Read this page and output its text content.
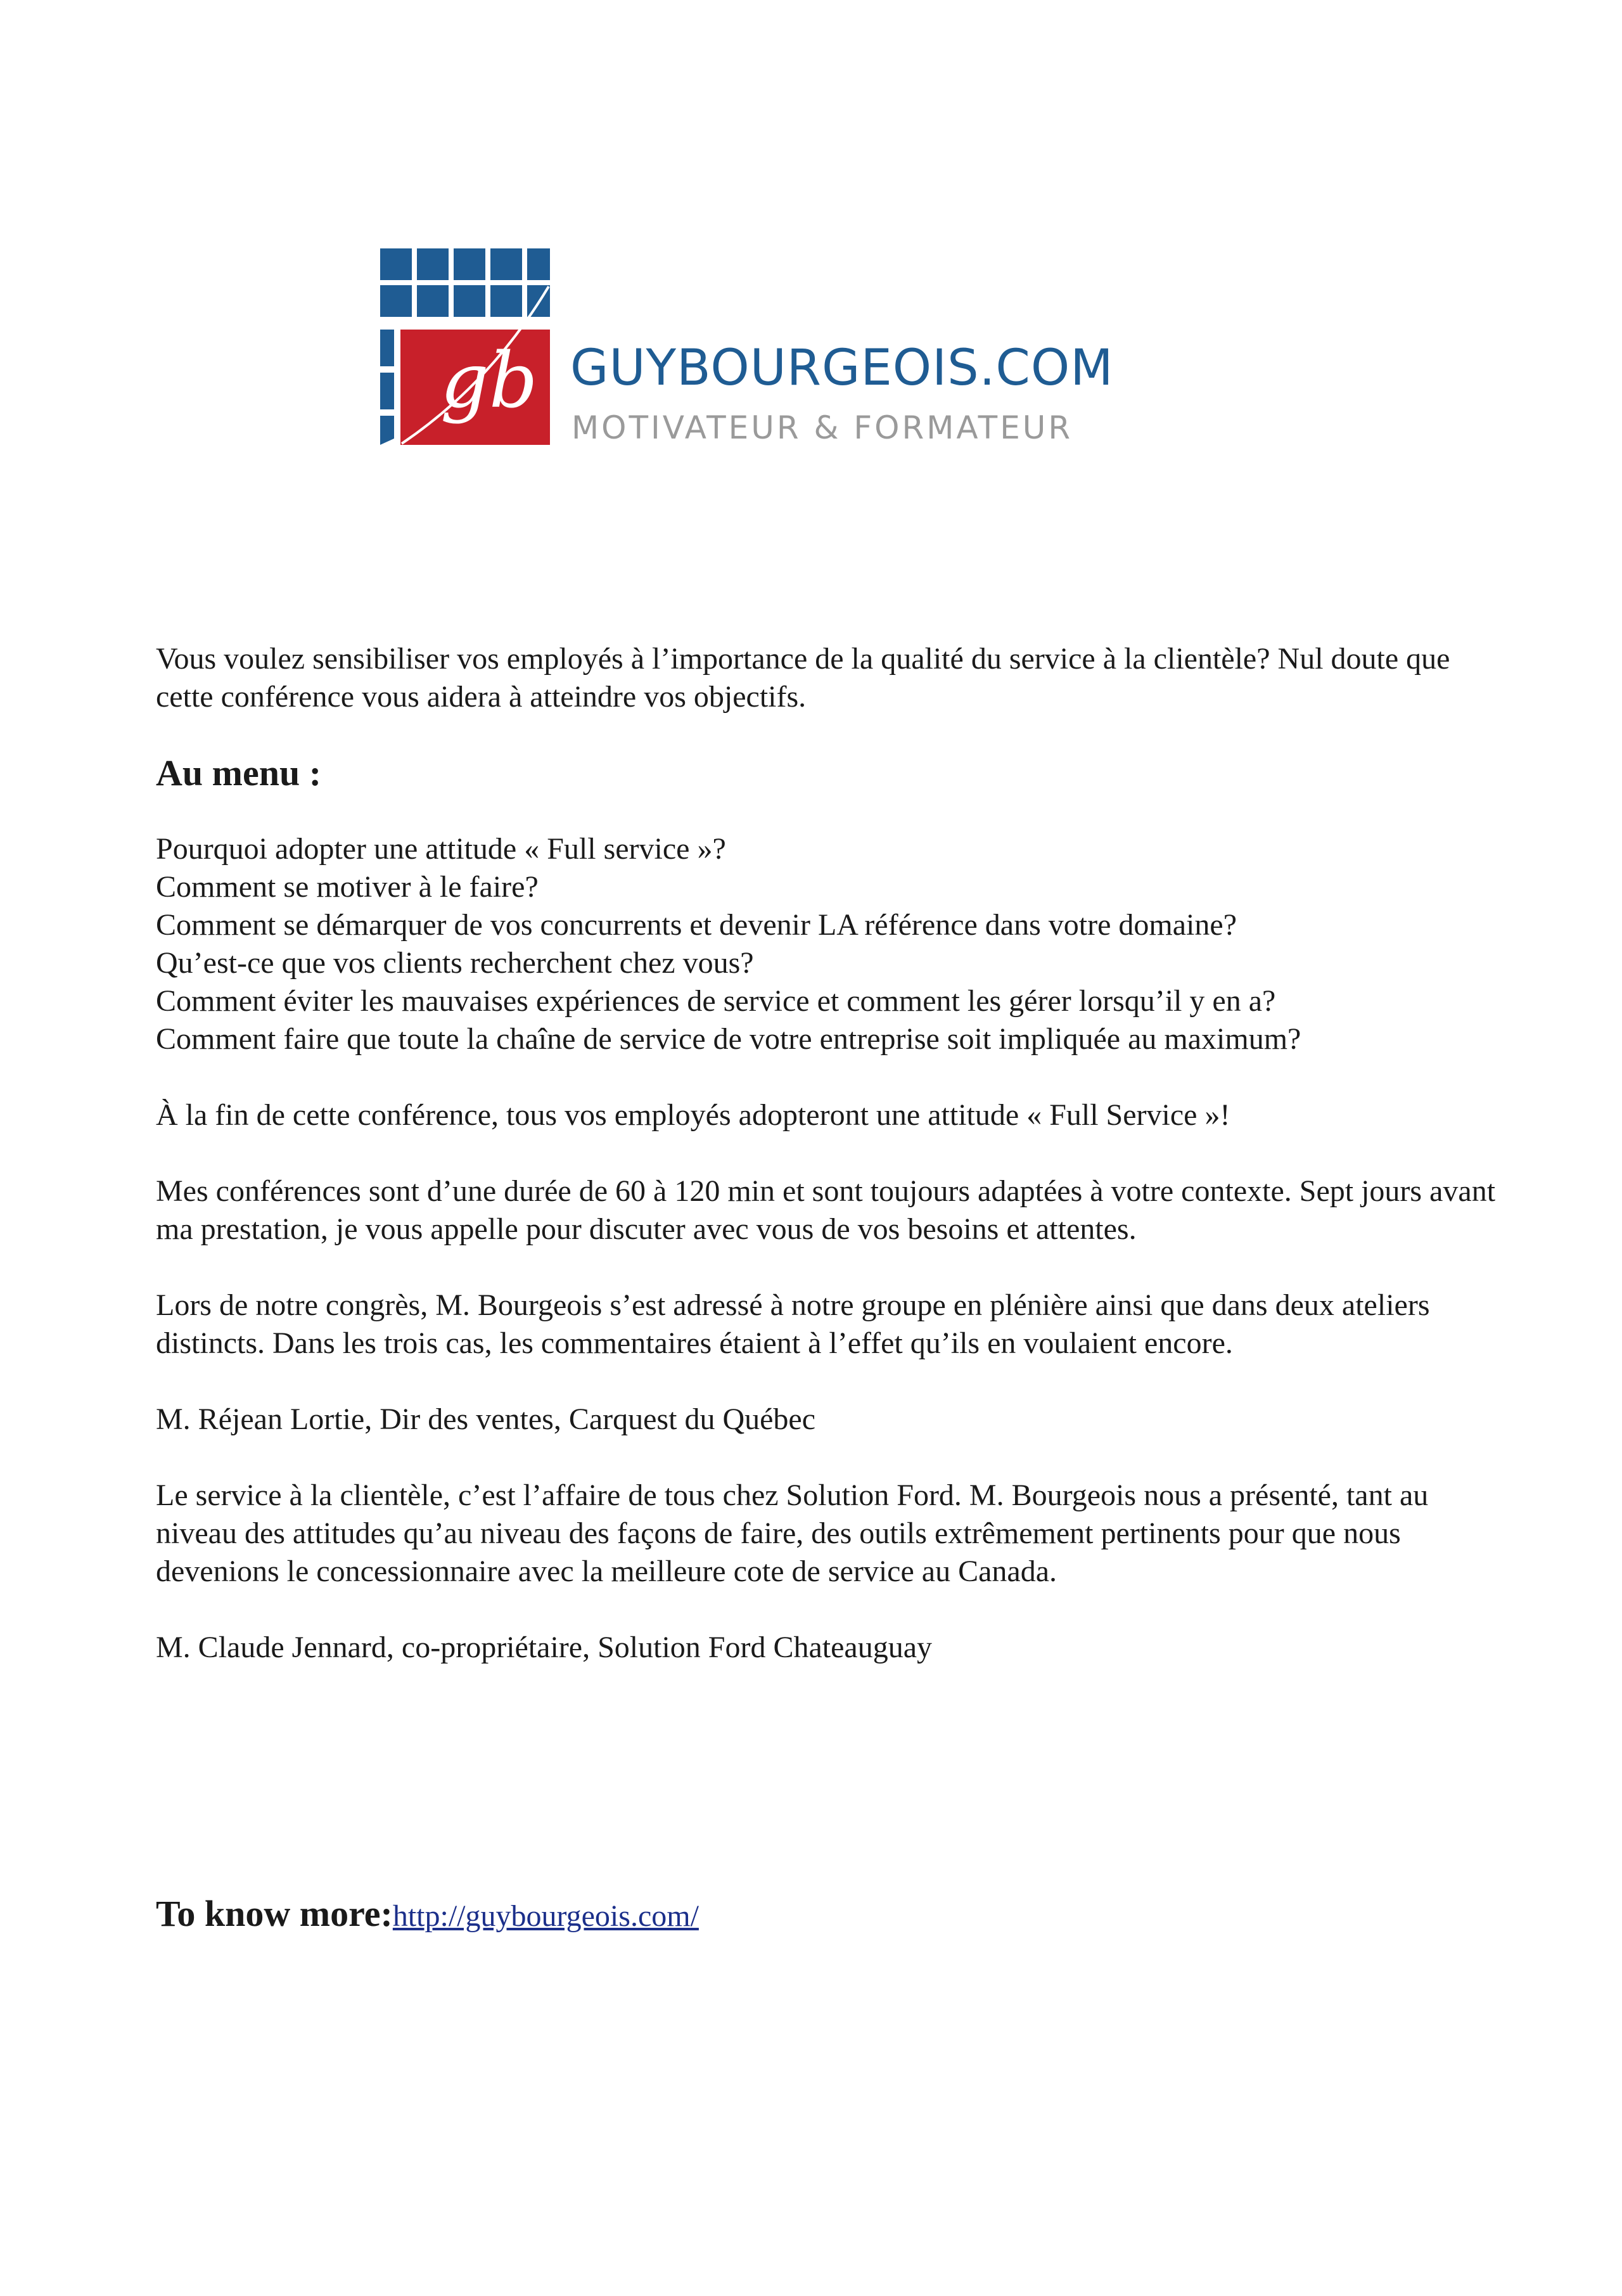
GUYBOURGEOIS.COM
MOTIVATEUR & FORMATEUR
gb

Vous voulez sensibiliser vos employés à l’importance de la qualité du service à la clientèle? Nul doute que cette conférence vous aidera à atteindre vos objectifs.

Au menu :
Pourquoi adopter une attitude « Full service »?
Comment se motiver à le faire?
Comment se démarquer de vos concurrents et devenir LA référence dans votre domaine?
Qu’est-ce que vos clients recherchent chez vous?
Comment éviter les mauvaises expériences de service et comment les gérer lorsqu’il y en a?
Comment faire que toute la chaîne de service de votre entreprise soit impliquée au maximum?

À la fin de cette conférence, tous vos employés adopteront une attitude « Full Service »!

Mes conférences sont d’une durée de 60 à 120 min et sont toujours adaptées à votre contexte. Sept jours avant ma prestation, je vous appelle pour discuter avec vous de vos besoins et attentes.

Lors de notre congrès, M. Bourgeois s’est adressé à notre groupe en plénière ainsi que dans deux ateliers distincts. Dans les trois cas, les commentaires étaient à l’effet qu’ils en voulaient encore.

M. Réjean Lortie, Dir des ventes, Carquest du Québec

Le service à la clientèle, c’est l’affaire de tous chez Solution Ford. M. Bourgeois nous a présenté, tant au niveau des attitudes qu’au niveau des façons de faire, des outils extrêmement pertinents pour que nous devenions le concessionnaire avec la meilleure cote de service au Canada.

M. Claude Jennard, co-propriétaire, Solution Ford Chateauguay

To know more:http://guybourgeois.com/
